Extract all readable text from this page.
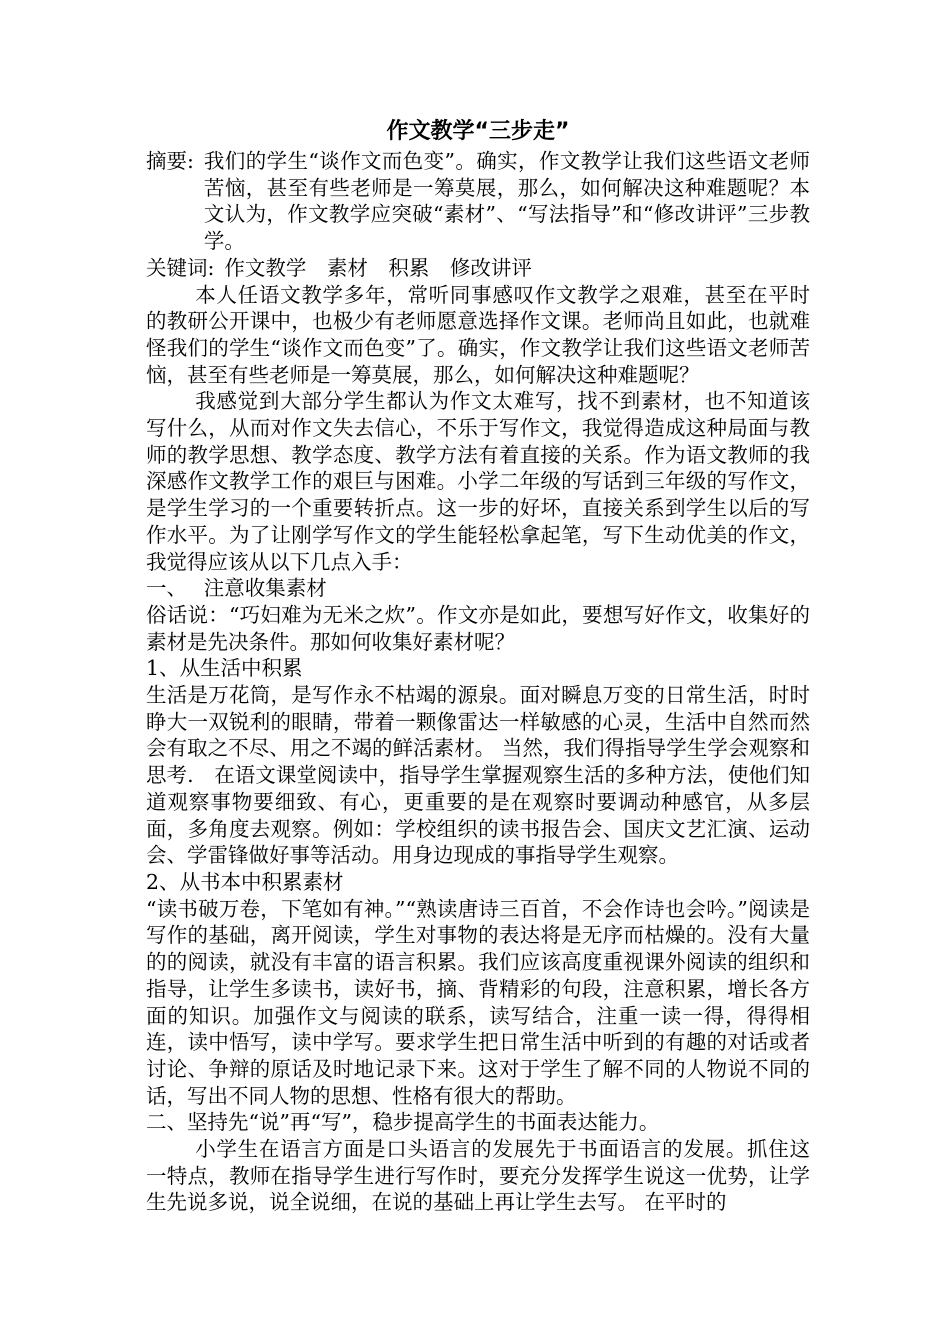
作文教学“三步走”
摘要: 我们的学生“谈作文而色变”。确实，作文教学让我们这些语文老师苦恼，甚至有些老师是一筹莫展，那么，如何解决这种难题呢？本文认为，作文教学应突破“素材”、“写法指导”和“修改讲评”三步教学。

关键词: 作文教学　素材　积累　修改讲评

本人任语文教学多年，常听同事感叹作文教学之艰难，甚至在平时的教研公开课中，也极少有老师愿意选择作文课。老师尚且如此，也就难怪我们的学生“谈作文而色变”了。确实，作文教学让我们这些语文老师苦恼，甚至有些老师是一筹莫展，那么，如何解决这种难题呢？

我感觉到大部分学生都认为作文太难写，找不到素材，也不知道该写什么，从而对作文失去信心，不乐于写作文，我觉得造成这种局面与教师的教学思想、教学态度、教学方法有着直接的关系。作为语文教师的我深感作文教学工作的艰巨与困难。小学二年级的写话到三年级的写作文，是学生学习的一个重要转折点。这一步的好坏，直接关系到学生以后的写作水平。为了让刚学写作文的学生能轻松拿起笔，写下生动优美的作文，我觉得应该从以下几点入手：

一、　 注意收集素材

俗话说：“巧妇难为无米之炊”。作文亦是如此，要想写好作文，收集好的素材是先决条件。那如何收集好素材呢？

1、从生活中积累

生活是万花筒，是写作永不枯竭的源泉。面对瞬息万变的日常生活，时时睁大一双锐利的眼睛，带着一颗像雷达一样敏感的心灵，生活中自然而然会有取之不尽、用之不竭的鲜活素材。 当然，我们得指导学生学会观察和思考.　在语文课堂阅读中，指导学生掌握观察生活的多种方法，使他们知道观察事物要细致、有心，更重要的是在观察时要调动种感官，从多层面，多角度去观察。例如：学校组织的读书报告会、国庆文艺汇演、运动会、学雷锋做好事等活动。用身边现成的事指导学生观察。

2、从书本中积累素材

“读书破万卷，下笔如有神。”“熟读唐诗三百首，不会作诗也会吟。”阅读是写作的基础，离开阅读，学生对事物的表达将是无序而枯燥的。没有大量的的阅读，就没有丰富的语言积累。我们应该高度重视课外阅读的组织和指导，让学生多读书，读好书，摘、背精彩的句段，注意积累，增长各方面的知识。加强作文与阅读的联系，读写结合，注重一读一得，得得相连，读中悟写，读中学写。要求学生把日常生活中听到的有趣的对话或者讨论、争辩的原话及时地记录下来。这对于学生了解不同的人物说不同的话，写出不同人物的思想、性格有很大的帮助。

二、坚持先“说”再“写”，稳步提高学生的书面表达能力。

小学生在语言方面是口头语言的发展先于书面语言的发展。抓住这一特点，教师在指导学生进行写作时，要充分发挥学生说这一优势，让学生先说多说，说全说细，在说的基础上再让学生去写。 在平时的
